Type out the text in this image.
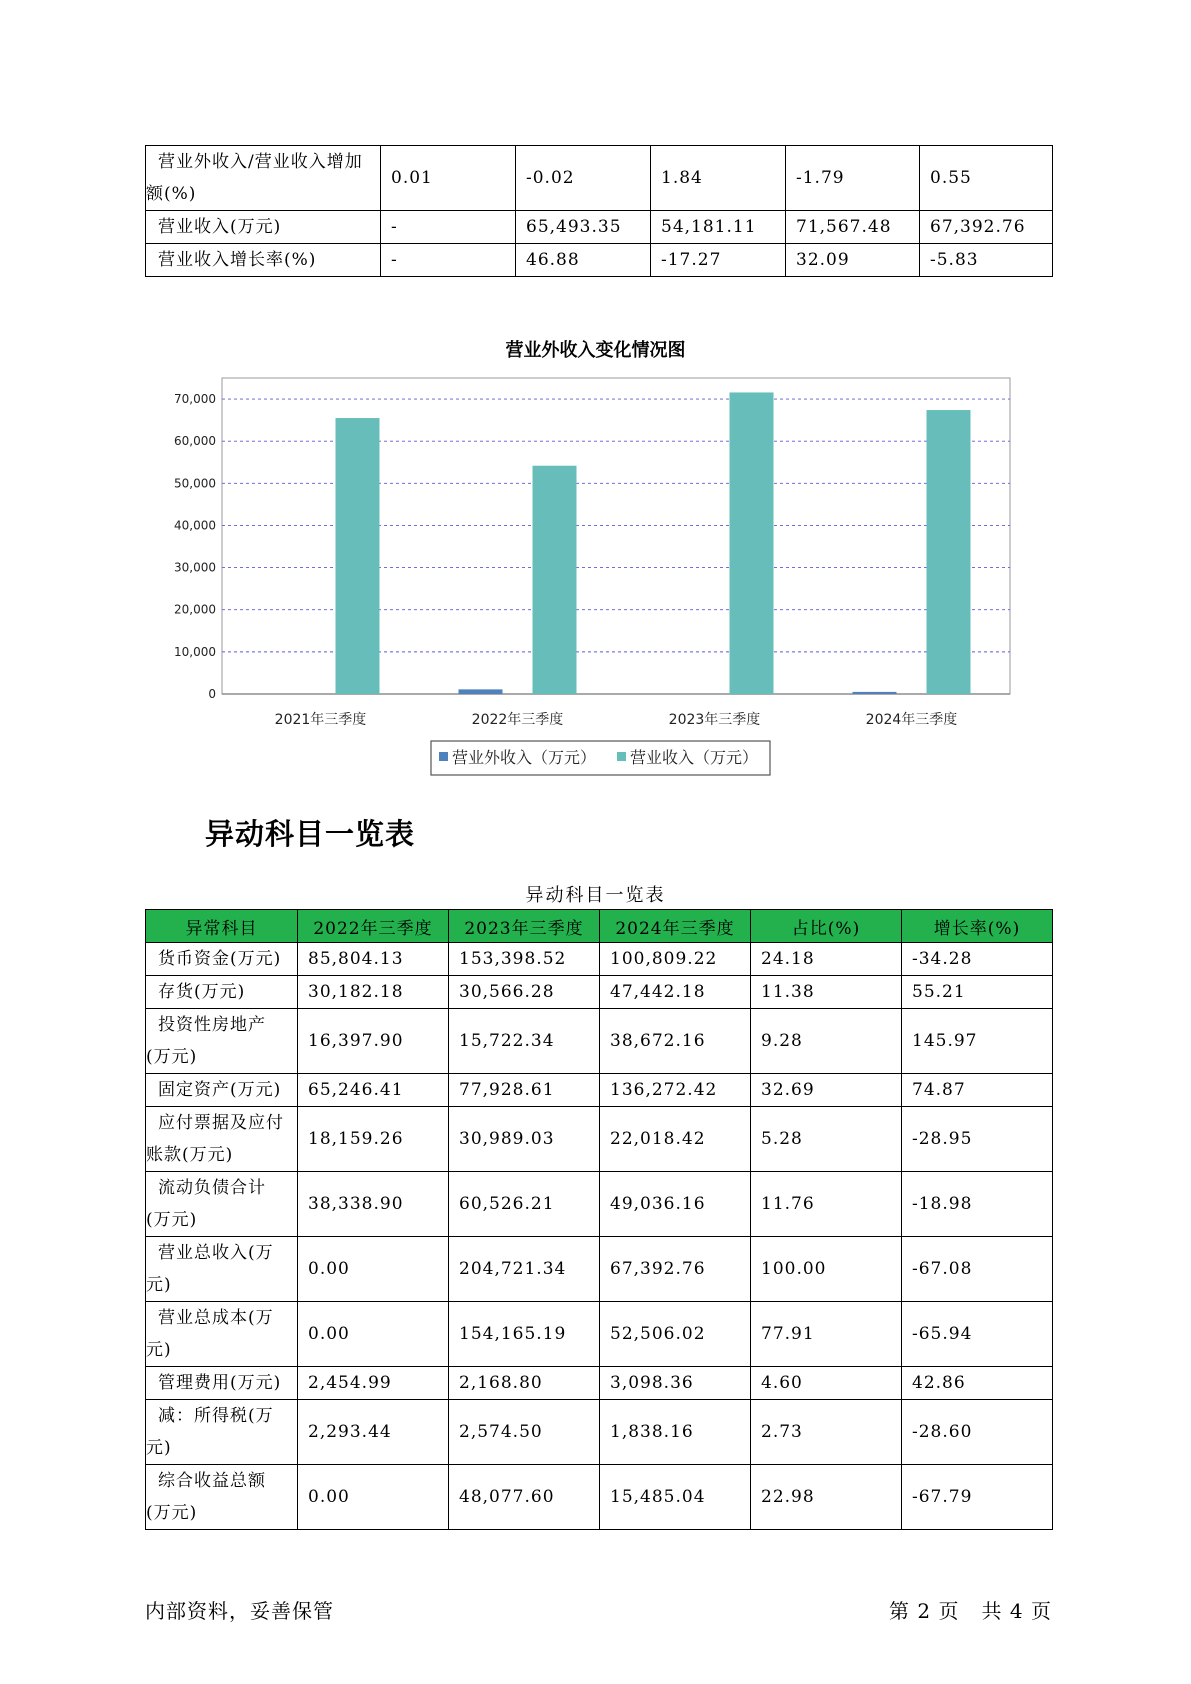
营业外收入/营业收入增加额(%)	0.01	-0.02	1.84	-1.79	0.55
营业收入(万元)	-	65,493.35	54,181.11	71,567.48	67,392.76
营业收入增长率(%)	-	46.88	-17.27	32.09	-5.83
营业外收入变化情况图
0
10,000
20,000
30,000
40,000
50,000
60,000
70,000
2021年三季度	2022年三季度	2023年三季度	2024年三季度
营业外收入（万元） 营业收入（万元）
异动科目一览表
异动科目一览表
异常科目	2022年三季度	2023年三季度	2024年三季度	占比(%)	增长率(%)
货币资金(万元)	85,804.13	153,398.52	100,809.22	24.18	-34.28
存货(万元)	30,182.18	30,566.28	47,442.18	11.38	55.21
投资性房地产(万元)	16,397.90	15,722.34	38,672.16	9.28	145.97
固定资产(万元)	65,246.41	77,928.61	136,272.42	32.69	74.87
应付票据及应付账款(万元)	18,159.26	30,989.03	22,018.42	5.28	-28.95
流动负债合计(万元)	38,338.90	60,526.21	49,036.16	11.76	-18.98
营业总收入(万元)	0.00	204,721.34	67,392.76	100.00	-67.08
营业总成本(万元)	0.00	154,165.19	52,506.02	77.91	-65.94
管理费用(万元)	2,454.99	2,168.80	3,098.36	4.60	42.86
减：所得税(万元)	2,293.44	2,574.50	1,838.16	2.73	-28.60
综合收益总额(万元)	0.00	48,077.60	15,485.04	22.98	-67.79
内部资料，妥善保管	第 2 页   共 4 页
